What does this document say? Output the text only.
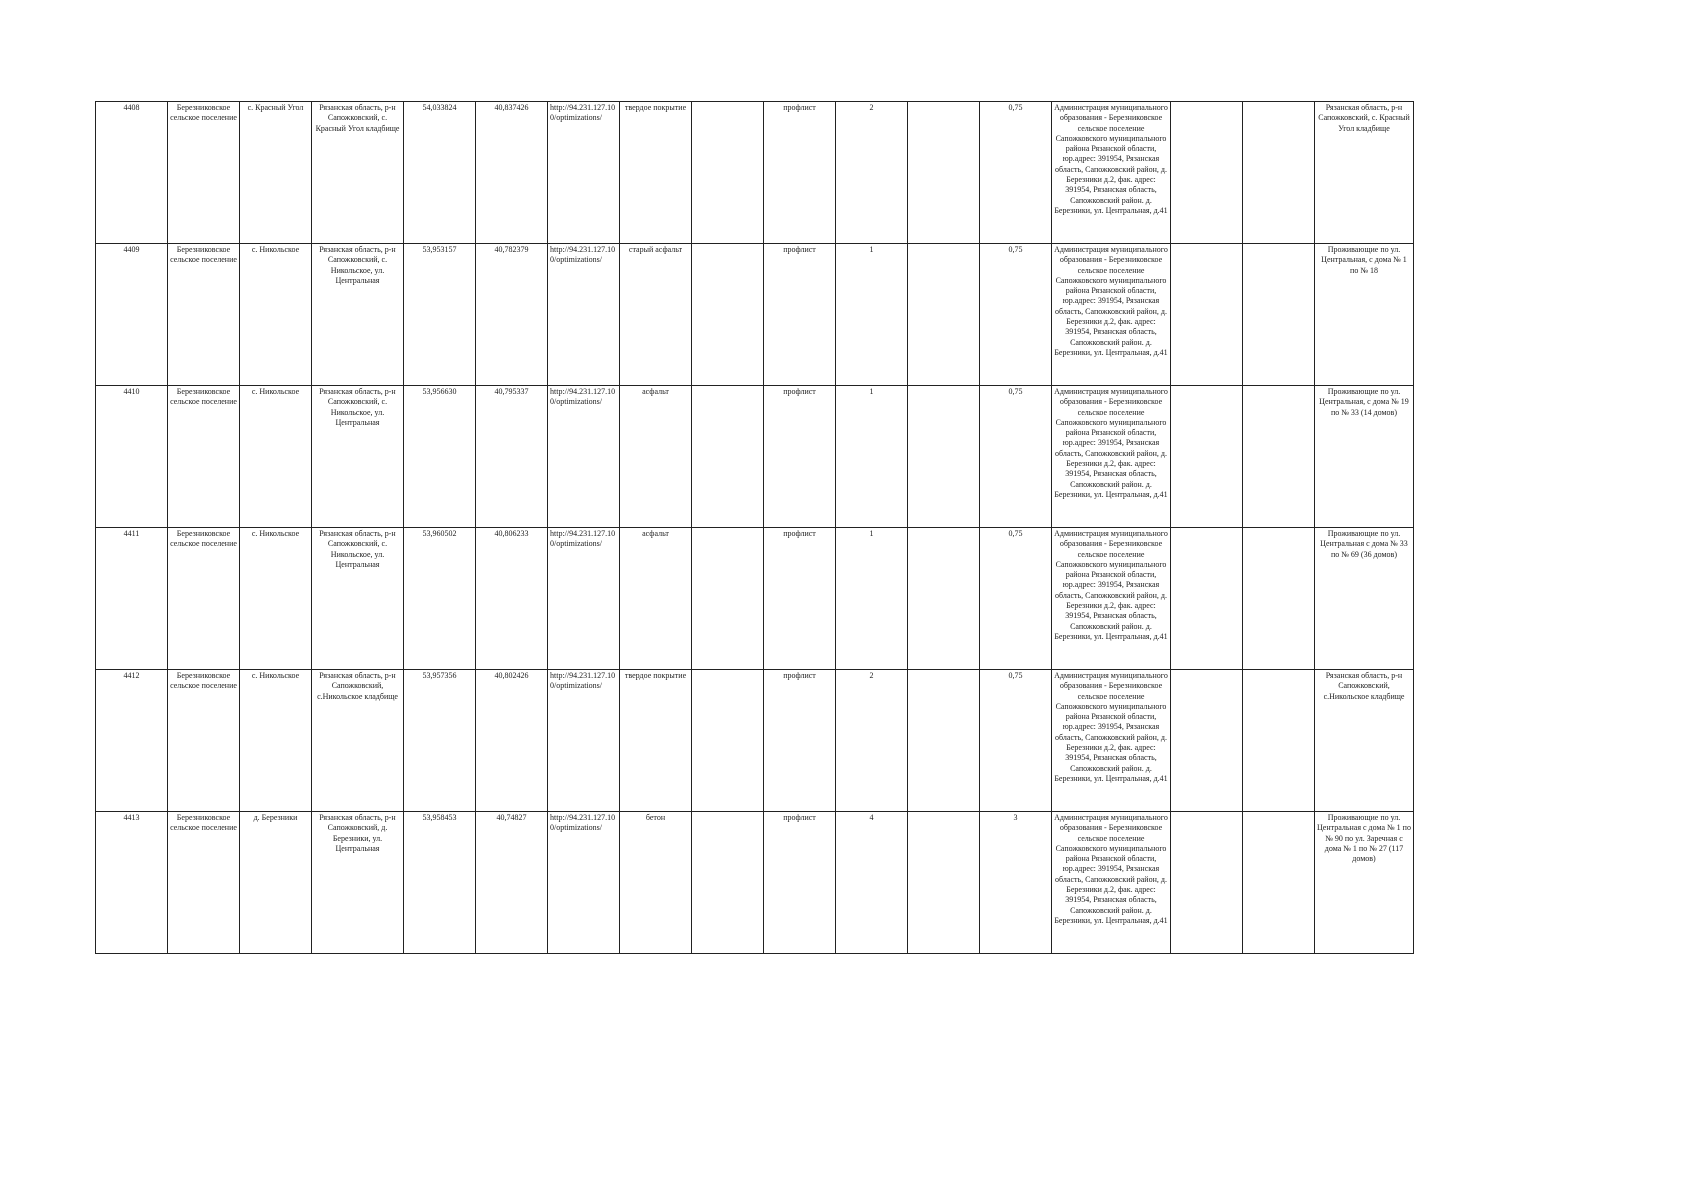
4408	Березниковское сельское поселение	с. Красный Угол	Рязанская область, р-н Сапожковский, с. Красный Угол кладбище	54,033824	40,837426	http://94.231.127.100/optimizations/	твердое покрытие		профлист	2		0,75	Администрация муниципального образования - Березниковское сельское поселение Сапожковского муниципального района Рязанской области, юр.адрес: 391954, Рязанская область, Сапожковский район, д. Березники д.2, фак. адрес: 391954, Рязанская область, Сапожковский район. д. Березники, ул. Центральная, д.41			Рязанская область, р-н Сапожковский, с. Красный Угол кладбище
4409	Березниковское сельское поселение	с. Никольское	Рязанская область, р-н Сапожковский, с. Никольское, ул. Центральная	53,953157	40,782379	http://94.231.127.100/optimizations/	старый асфальт		профлист	1		0,75	Администрация муниципального образования - Березниковское сельское поселение Сапожковского муниципального района Рязанской области, юр.адрес: 391954, Рязанская область, Сапожковский район, д. Березники д.2, фак. адрес: 391954, Рязанская область, Сапожковский район. д. Березники, ул. Центральная, д.41			Проживающие по ул. Центральная, с дома № 1 по № 18
4410	Березниковское сельское поселение	с. Никольское	Рязанская область, р-н Сапожковский, с. Никольское, ул. Центральная	53,956630	40,795337	http://94.231.127.100/optimizations/	асфальт		профлист	1		0,75	Администрация муниципального образования - Березниковское сельское поселение Сапожковского муниципального района Рязанской области, юр.адрес: 391954, Рязанская область, Сапожковский район, д. Березники д.2, фак. адрес: 391954, Рязанская область, Сапожковский район. д. Березники, ул. Центральная, д.41			Проживающие по ул. Центральная, с дома № 19 по № 33 (14 домов)
4411	Березниковское сельское поселение	с. Никольское	Рязанская область, р-н Сапожковский, с. Никольское, ул. Центральная	53,960502	40,806233	http://94.231.127.100/optimizations/	асфальт		профлист	1		0,75	Администрация муниципального образования - Березниковское сельское поселение Сапожковского муниципального района Рязанской области, юр.адрес: 391954, Рязанская область, Сапожковский район, д. Березники д.2, фак. адрес: 391954, Рязанская область, Сапожковский район. д. Березники, ул. Центральная, д.41			Проживающие по ул. Центральная с дома № 33 по № 69 (36 домов)
4412	Березниковское сельское поселение	с. Никольское	Рязанская область, р-н Сапожковский, с.Никольское кладбище	53,957356	40,802426	http://94.231.127.100/optimizations/	твердое покрытие		профлист	2		0,75	Администрация муниципального образования - Березниковское сельское поселение Сапожковского муниципального района Рязанской области, юр.адрес: 391954, Рязанская область, Сапожковский район, д. Березники д.2, фак. адрес: 391954, Рязанская область, Сапожковский район. д. Березники, ул. Центральная, д.41			Рязанская область, р-н Сапожковский, с.Никольское кладбище
4413	Березниковское сельское поселение	д. Березники	Рязанская область, р-н Сапожковский, д. Березники, ул. Центральная	53,958453	40,74827	http://94.231.127.100/optimizations/	бетон		профлист	4		3	Администрация муниципального образования - Березниковское сельское поселение Сапожковского муниципального района Рязанской области, юр.адрес: 391954, Рязанская область, Сапожковский район, д. Березники д.2, фак. адрес: 391954, Рязанская область, Сапожковский район. д. Березники, ул. Центральная, д.41			Проживающие по ул. Центральная с дома № 1 по № 90 по ул. Заречная с дома № 1 по № 27 (117 домов)
